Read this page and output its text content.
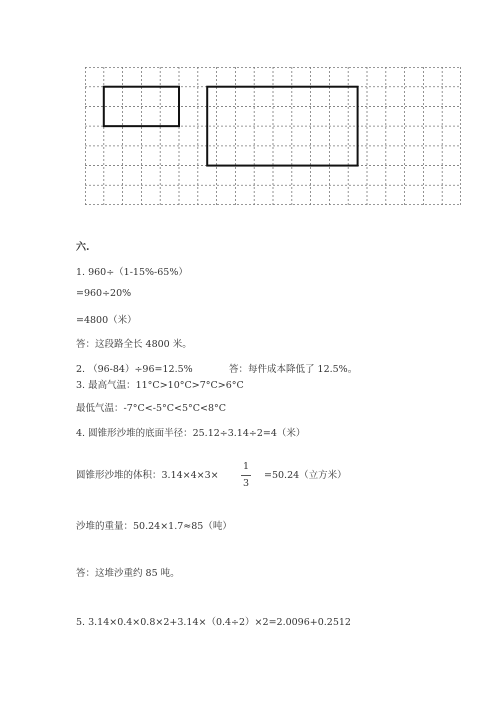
六.
1. 960÷（1-15%-65%）
=960÷20%
=4800（米）
答：这段路全长 4800 米。
2. （96-84）÷96=12.5%	答：每件成本降低了 12.5%。
3. 最高气温：11°C>10°C>7°C>6°C
最低气温：-7°C<-5°C<5°C<8°C
4. 圆锥形沙堆的底面半径：25.12÷3.14÷2=4（米）
圆锥形沙堆的体积：3.14×4×3×
1
3
=50.24（立方米）
沙堆的重量：50.24×1.7≈85（吨）
答：这堆沙重约 85 吨。
5. 3.14×0.4×0.8×2+3.14×（0.4÷2）×2=2.0096+0.2512
